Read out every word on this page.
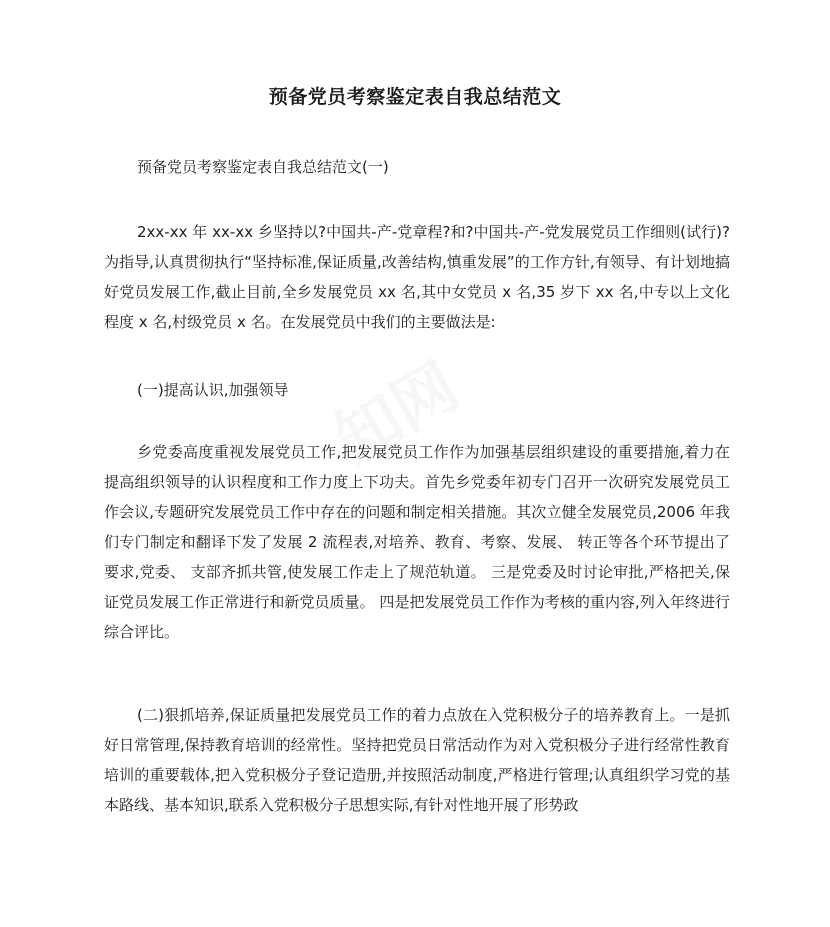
预备党员考察鉴定表自我总结范文
预备党员考察鉴定表自我总结范文(一)

2xx-xx 年 xx-xx 乡坚持以?中国共-产-党章程?和?中国共-产-党发展党员工作细则(试行)?为指导,认真贯彻执行“坚持标准,保证质量,改善结构,慎重发展”的工作方针,有领导、有计划地搞好党员发展工作,截止目前,全乡发展党员 xx 名,其中女党员 x 名,35 岁下 xx 名,中专以上文化程度 x 名,村级党员 x 名。在发展党员中我们的主要做法是:

(一)提高认识,加强领导

乡党委高度重视发展党员工作,把发展党员工作作为加强基层组织建设的重要措施,着力在提高组织领导的认识程度和工作力度上下功夫。首先乡党委年初专门召开一次研究发展党员工作会议,专题研究发展党员工作中存在的问题和制定相关措施。其次立健全发展党员,2006 年我们专门制定和翻译下发了发展 2 流程表,对培养、教育、考察、发展、 转正等各个环节提出了要求,党委、 支部齐抓共管,使发展工作走上了规范轨道。 三是党委及时讨论审批,严格把关,保证党员发展工作正常进行和新党员质量。 四是把发展党员工作作为考核的重内容,列入年终进行综合评比。

(二)狠抓培养,保证质量把发展党员工作的着力点放在入党积极分子的培养教育上。一是抓好日常管理,保持教育培训的经常性。坚持把党员日常活动作为对入党积极分子进行经常性教育培训的重要载体,把入党积极分子登记造册,并按照活动制度,严格进行管理;认真组织学习党的基本路线、基本知识,联系入党积极分子思想实际,有针对性地开展了形势政
